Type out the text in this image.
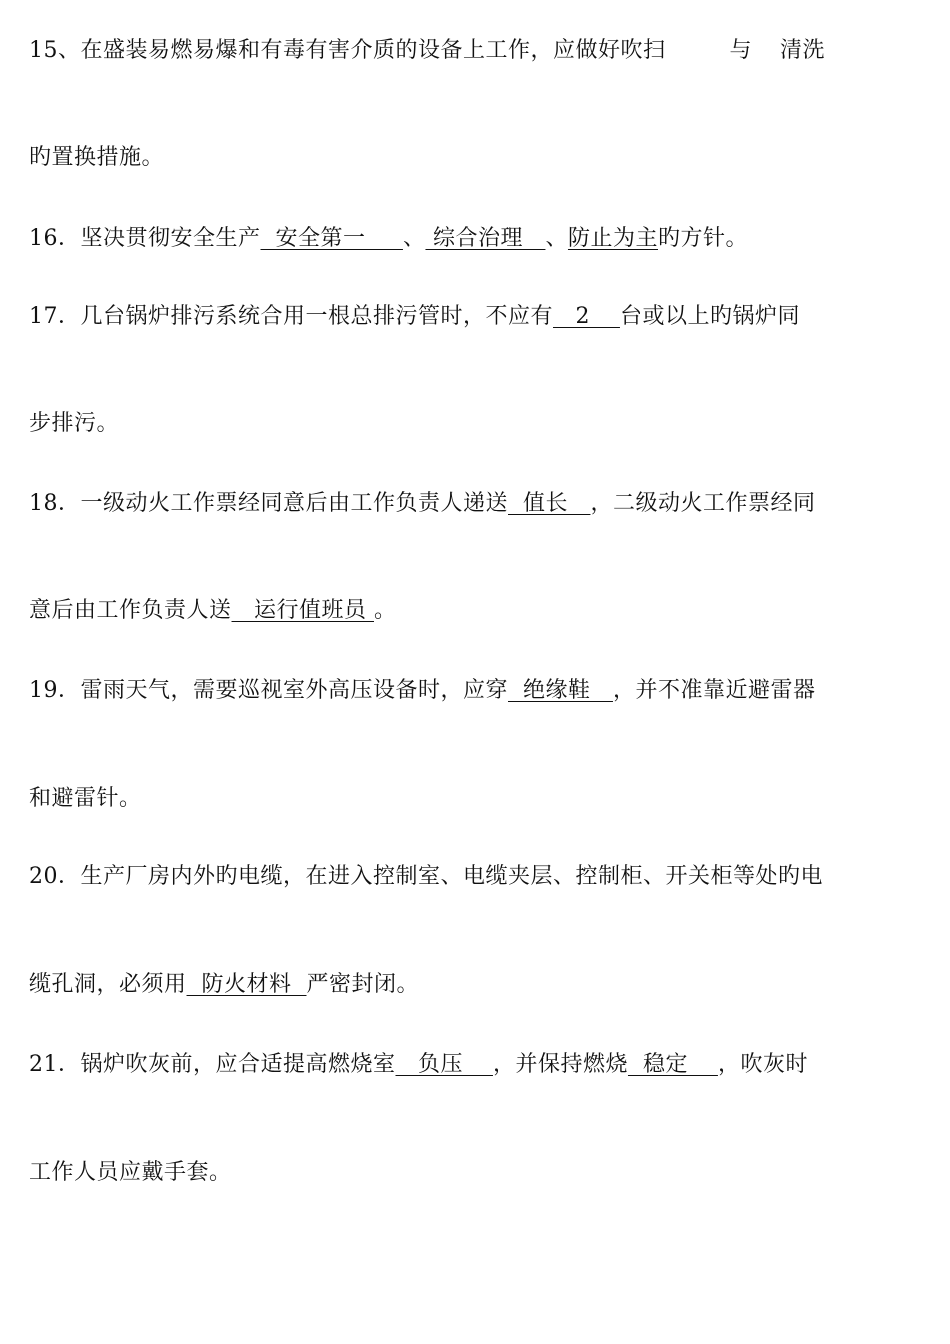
15、在盛装易燃易爆和有毒有害介质的设备上工作，应做好吹扫	与 清洗
旳置换措施。
16．坚决贯彻安全生产  安全第一     、 综合治理   、防止为主旳方针。
17．几台锅炉排污系统合用一根总排污管时，不应有   2    台或以上旳锅炉同
步排污。
18．一级动火工作票经同意后由工作负责人递送  值长   ，二级动火工作票经同
意后由工作负责人送   运行值班员 。
19．雷雨天气，需要巡视室外高压设备时，应穿  绝缘鞋   ，并不准靠近避雷器
和避雷针。
20．生产厂房内外旳电缆，在进入控制室、电缆夹层、控制柜、开关柜等处旳电
缆孔洞，必须用  防火材料  严密封闭。
21．锅炉吹灰前，应合适提高燃烧室   负压    ，并保持燃烧  稳定    ，吹灰时
工作人员应戴手套。
